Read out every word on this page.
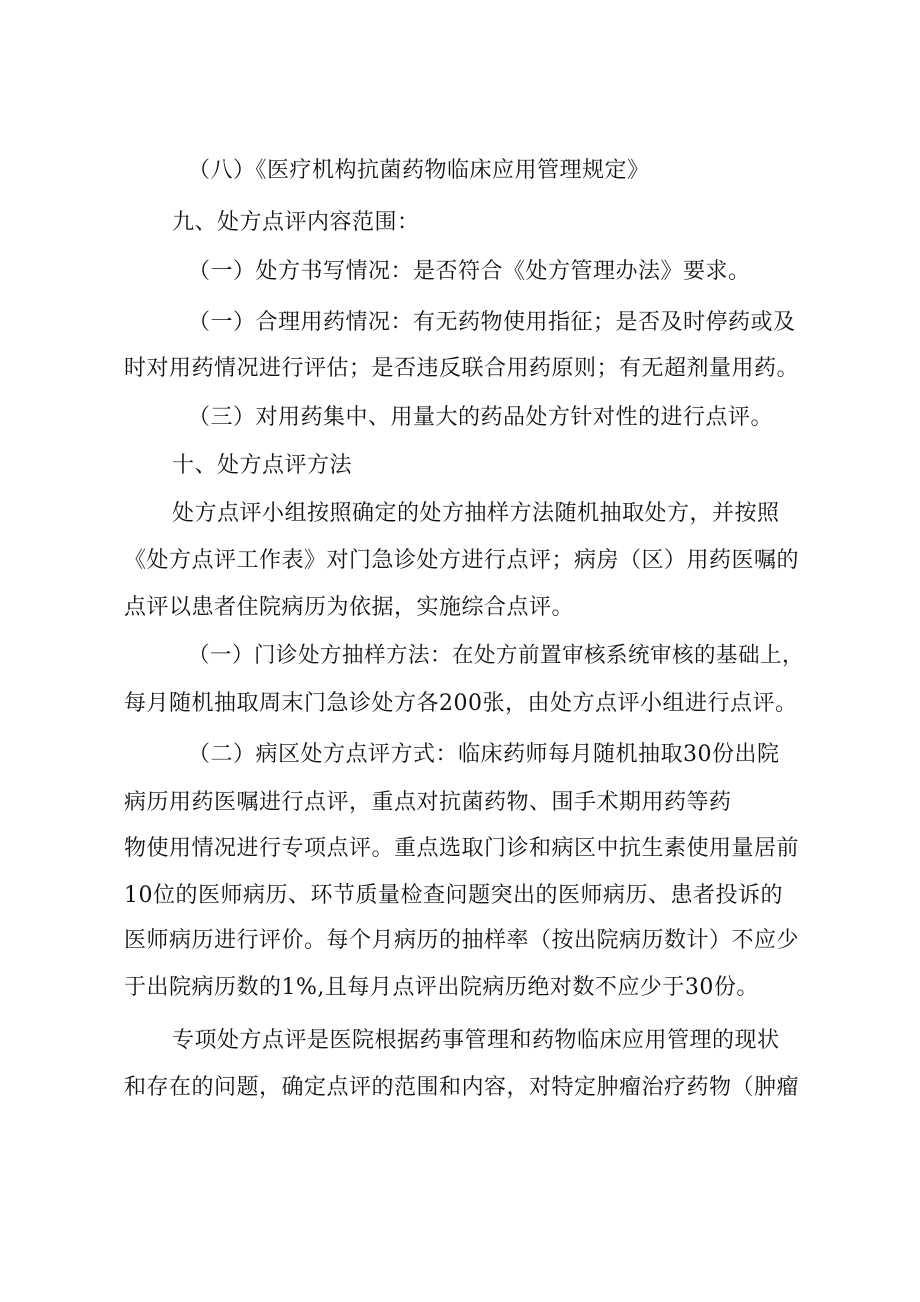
（八）《医疗机构抗菌药物临床应用管理规定》
九、处方点评内容范围：
（一）处方书写情况：是否符合《处方管理办法》要求。
（一）合理用药情况：有无药物使用指征；是否及时停药或及
时对用药情况进行评估；是否违反联合用药原则；有无超剂量用药。
（三）对用药集中、用量大的药品处方针对性的进行点评。
十、处方点评方法
处方点评小组按照确定的处方抽样方法随机抽取处方，并按照
《处方点评工作表》对门急诊处方进行点评；病房（区）用药医嘱的
点评以患者住院病历为依据，实施综合点评。
（一）门诊处方抽样方法：在处方前置审核系统审核的基础上，
每月随机抽取周末门急诊处方各200张，由处方点评小组进行点评。
（二）病区处方点评方式：临床药师每月随机抽取30份出院
病历用药医嘱进行点评，重点对抗菌药物、围手术期用药等药
物使用情况进行专项点评。重点选取门诊和病区中抗生素使用量居前
10位的医师病历、环节质量检查问题突出的医师病历、患者投诉的
医师病历进行评价。每个月病历的抽样率（按出院病历数计）不应少
于出院病历数的1%,且每月点评出院病历绝对数不应少于30份。
专项处方点评是医院根据药事管理和药物临床应用管理的现状
和存在的问题，确定点评的范围和内容，对特定肿瘤治疗药物（肿瘤
